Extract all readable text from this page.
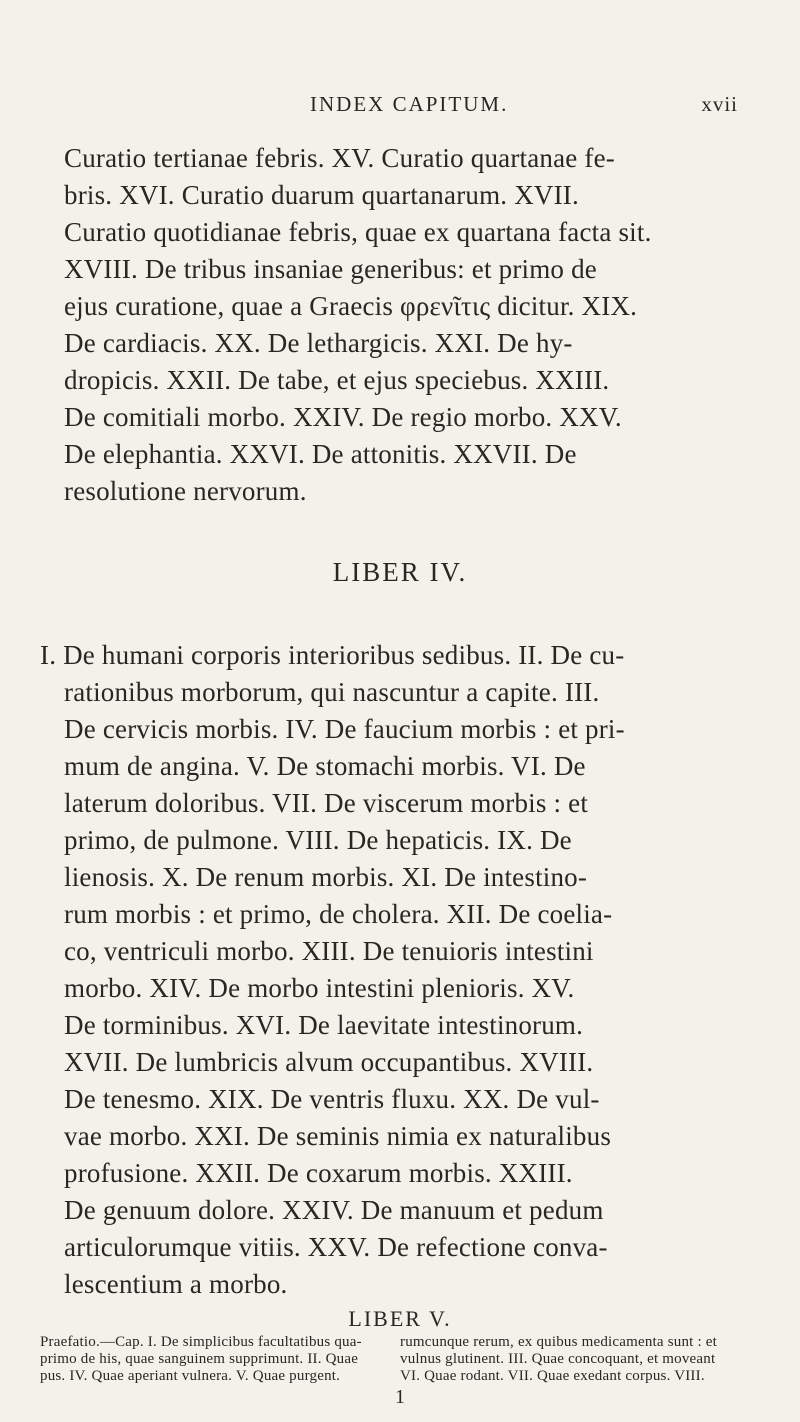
INDEX CAPITUM.	xvii
Curatio tertianae febris. XV. Curatio quartanae fe-
bris. XVI. Curatio duarum quartanarum. XVII.
Curatio quotidianae febris, quae ex quartana facta sit.
XVIII. De tribus insaniae generibus: et primo de
ejus curatione, quae a Graecis φρενῖτις dicitur. XIX.
De cardiacis. XX. De lethargicis. XXI. De hy-
dropicis. XXII. De tabe, et ejus speciebus. XXIII.
De comitiali morbo. XXIV. De regio morbo. XXV.
De elephantia. XXVI. De attonitis. XXVII. De
resolutione nervorum.
LIBER IV.
I. De humani corporis interioribus sedibus. II. De cu-
rationibus morborum, qui nascuntur a capite. III.
De cervicis morbis. IV. De faucium morbis : et pri-
mum de angina. V. De stomachi morbis. VI. De
laterum doloribus. VII. De viscerum morbis : et
primo, de pulmone. VIII. De hepaticis. IX. De
lienosis. X. De renum morbis. XI. De intestino-
rum morbis : et primo, de cholera. XII. De coelia-
co, ventriculi morbo. XIII. De tenuioris intestini
morbo. XIV. De morbo intestini plenioris. XV.
De torminibus. XVI. De laevitate intestinorum.
XVII. De lumbricis alvum occupantibus. XVIII.
De tenesmo. XIX. De ventris fluxu. XX. De vul-
vae morbo. XXI. De seminis nimia ex naturalibus
profusione. XXII. De coxarum morbis. XXIII.
De genuum dolore. XXIV. De manuum et pedum
articulorumque vitiis. XXV. De refectione conva-
lescentium a morbo.
LIBER V.
Praefatio.—Cap. I. De simplicibus facultatibus qua-	rumcunque rerum, ex quibus medicamenta sunt : et
primo de his, quae sanguinem supprimunt. II. Quae	vulnus glutinent. III. Quae concoquant, et moveant
pus. IV. Quae aperiant vulnera. V. Quae purgent.	VI. Quae rodant. VII. Quae exedant corpus. VIII.
1
